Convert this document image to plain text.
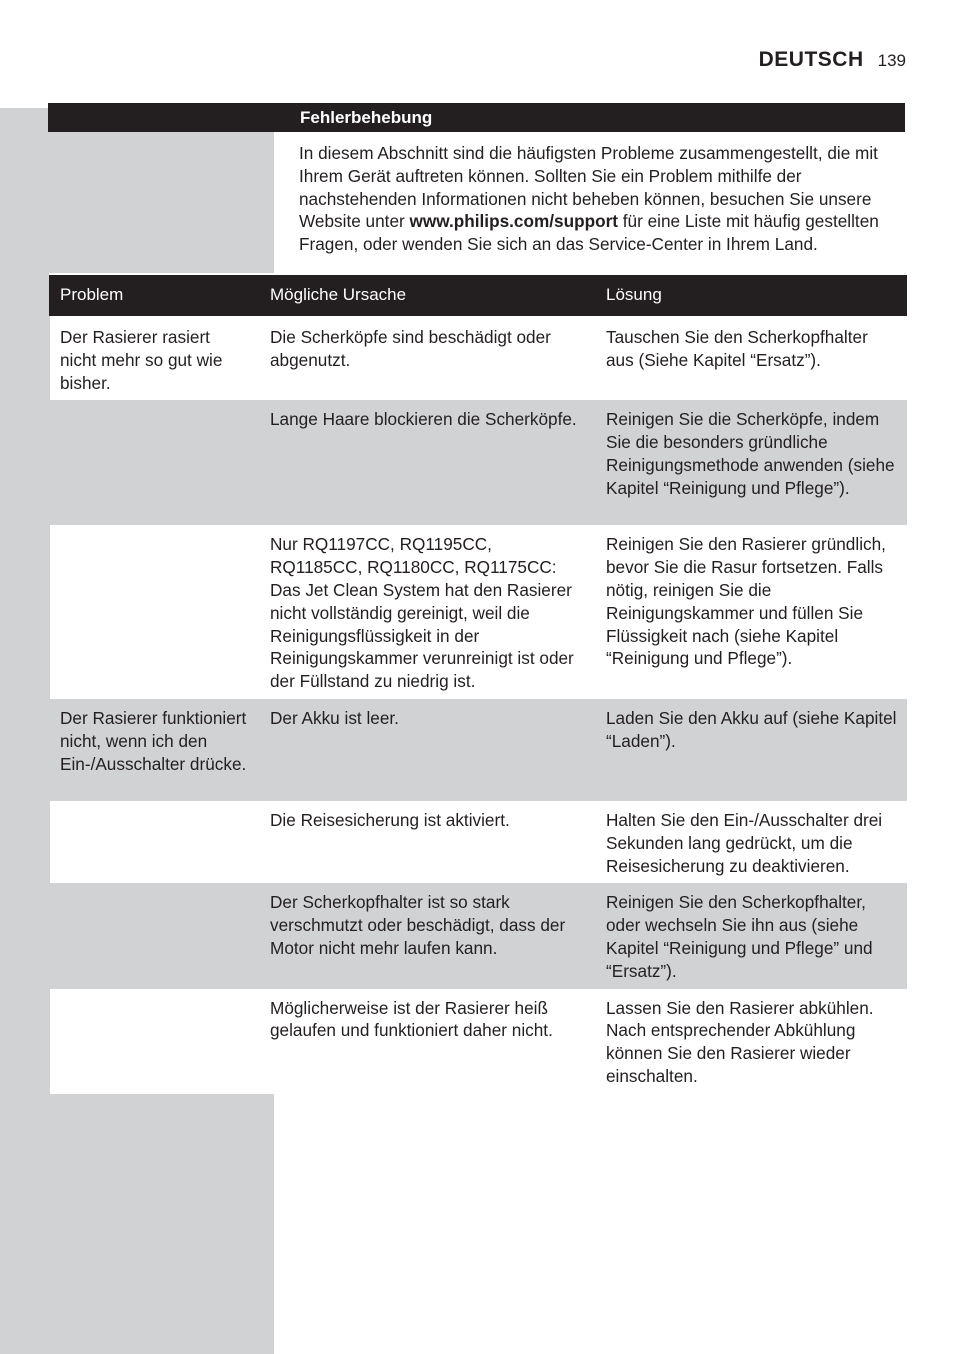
DEUTSCH 139
Fehlerbehebung
In diesem Abschnitt sind die häufigsten Probleme zusammengestellt, die mit Ihrem Gerät auftreten können. Sollten Sie ein Problem mithilfe der nachstehenden Informationen nicht beheben können, besuchen Sie unsere Website unter www.philips.com/support für eine Liste mit häufig gestellten Fragen, oder wenden Sie sich an das Service-Center in Ihrem Land.
Problem	Mögliche Ursache	Lösung
Der Rasierer rasiert nicht mehr so gut wie bisher.	Die Scherköpfe sind beschädigt oder abgenutzt.	Tauschen Sie den Scherkopfhalter aus (Siehe Kapitel “Ersatz”).
	Lange Haare blockieren die Scherköpfe.	Reinigen Sie die Scherköpfe, indem Sie die besonders gründliche Reinigungsmethode anwenden (siehe Kapitel “Reinigung und Pflege”).
	Nur RQ1197CC, RQ1195CC, RQ1185CC, RQ1180CC, RQ1175CC: Das Jet Clean System hat den Rasierer nicht vollständig gereinigt, weil die Reinigungsflüssigkeit in der Reinigungskammer verunreinigt ist oder der Füllstand zu niedrig ist.	Reinigen Sie den Rasierer gründlich, bevor Sie die Rasur fortsetzen. Falls nötig, reinigen Sie die Reinigungskammer und füllen Sie Flüssigkeit nach (siehe Kapitel “Reinigung und Pflege”).
Der Rasierer funktioniert nicht, wenn ich den Ein-/Ausschalter drücke.	Der Akku ist leer.	Laden Sie den Akku auf (siehe Kapitel “Laden”).
	Die Reisesicherung ist aktiviert.	Halten Sie den Ein-/Ausschalter drei Sekunden lang gedrückt, um die Reisesicherung zu deaktivieren.
	Der Scherkopfhalter ist so stark verschmutzt oder beschädigt, dass der Motor nicht mehr laufen kann.	Reinigen Sie den Scherkopfhalter, oder wechseln Sie ihn aus (siehe Kapitel “Reinigung und Pflege” und “Ersatz”).
	Möglicherweise ist der Rasierer heiß gelaufen und funktioniert daher nicht.	Lassen Sie den Rasierer abkühlen. Nach entsprechender Abkühlung können Sie den Rasierer wieder einschalten.
